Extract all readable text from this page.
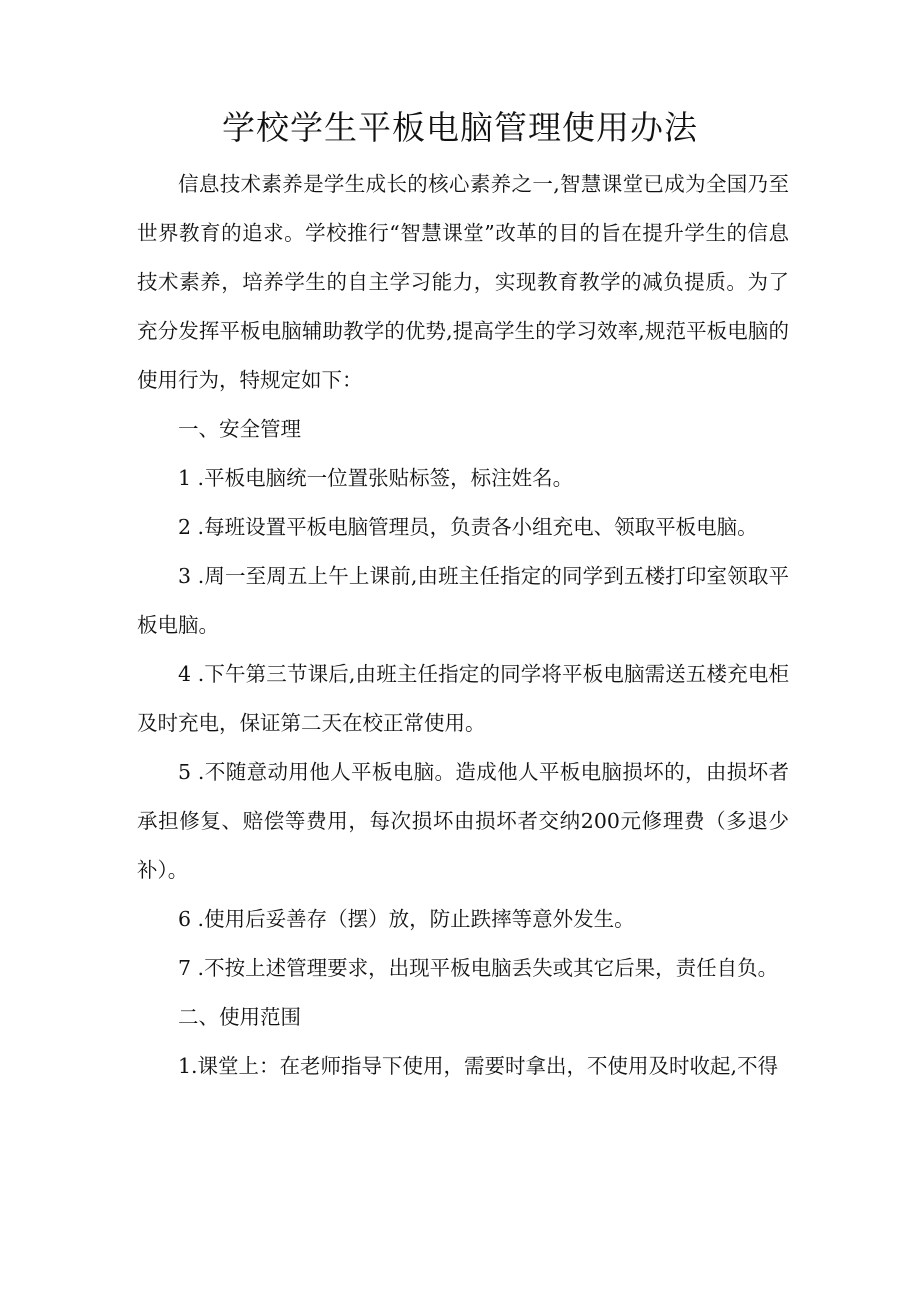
学校学生平板电脑管理使用办法

信息技术素养是学生成长的核心素养之一,智慧课堂已成为全国乃至世界教育的追求。学校推行“智慧课堂”改革的目的旨在提升学生的信息技术素养，培养学生的自主学习能力，实现教育教学的减负提质。为了充分发挥平板电脑辅助教学的优势,提高学生的学习效率,规范平板电脑的使用行为，特规定如下：

一、安全管理

1 .平板电脑统一位置张贴标签，标注姓名。

2 .每班设置平板电脑管理员，负责各小组充电、领取平板电脑。

3 .周一至周五上午上课前,由班主任指定的同学到五楼打印室领取平板电脑。

4 .下午第三节课后,由班主任指定的同学将平板电脑需送五楼充电柜及时充电，保证第二天在校正常使用。

5 .不随意动用他人平板电脑。造成他人平板电脑损坏的，由损坏者承担修复、赔偿等费用，每次损坏由损坏者交纳200元修理费（多退少补）。

6 .使用后妥善存（摆）放，防止跌摔等意外发生。

7 .不按上述管理要求，出现平板电脑丢失或其它后果，责任自负。

二、使用范围

1.课堂上：在老师指导下使用，需要时拿出，不使用及时收起,不得
